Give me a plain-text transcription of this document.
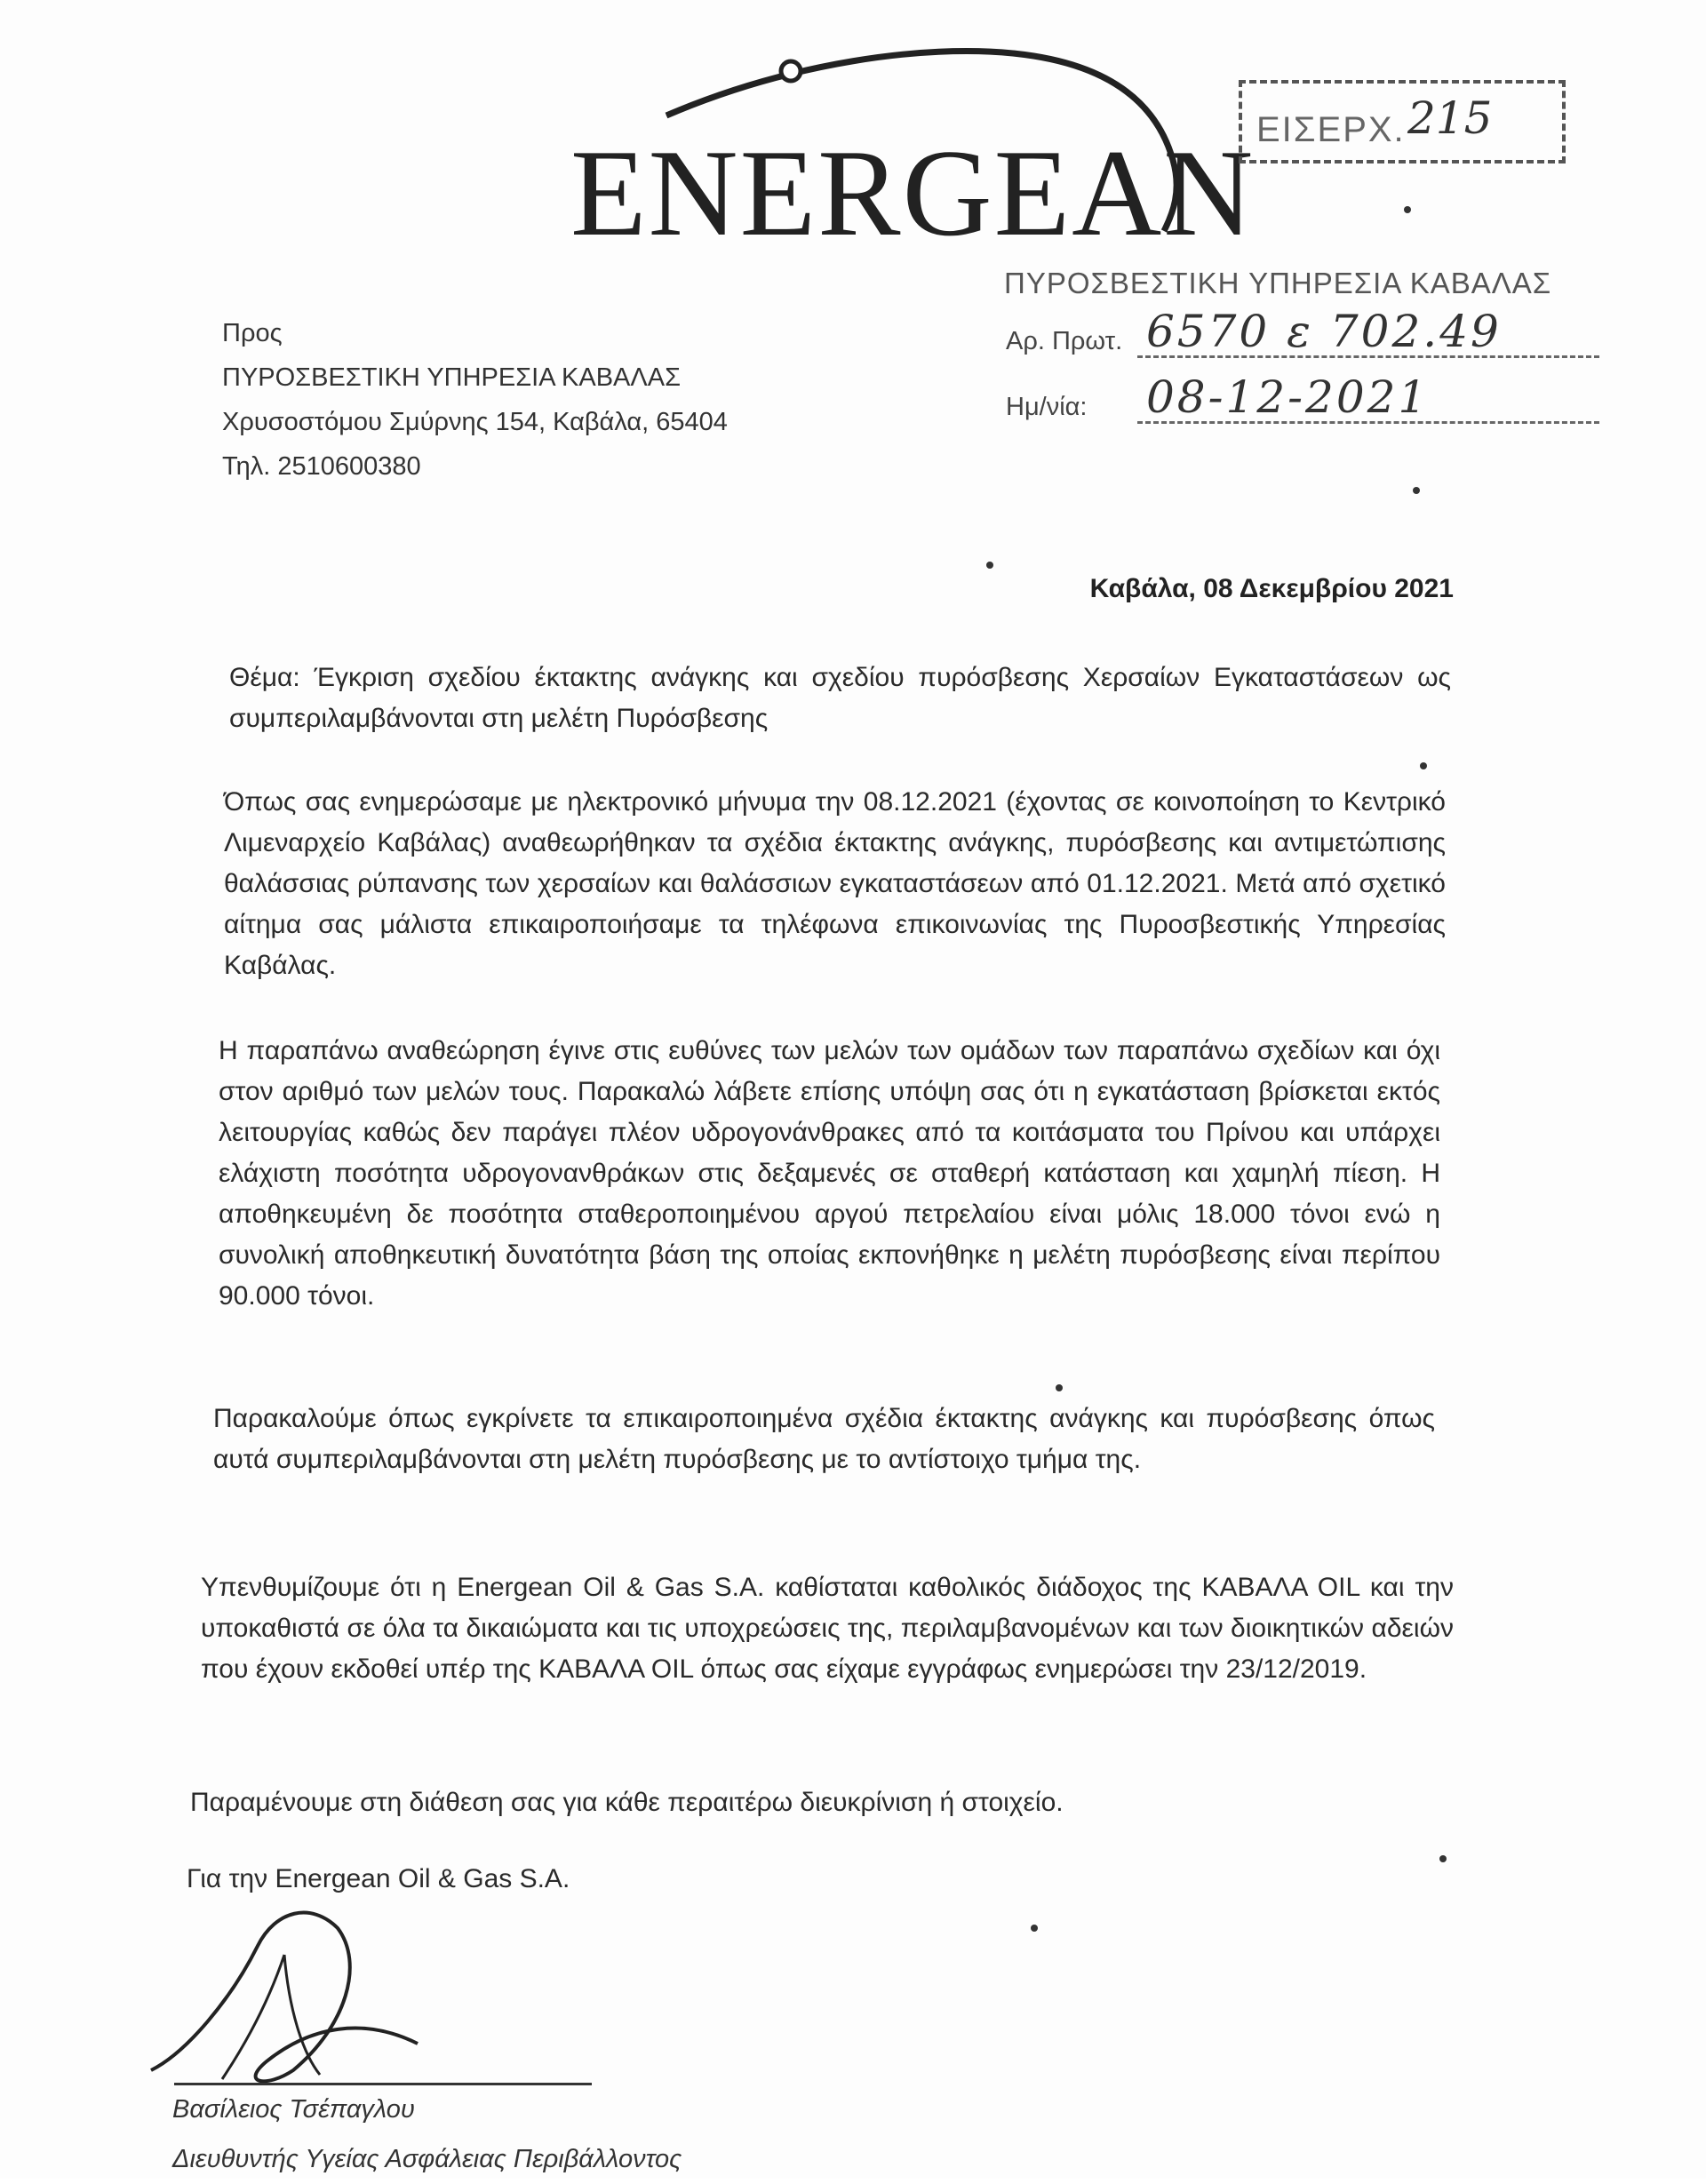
ENERGEAN ΕΙΣΕΡΧ. 215
Προς
ΠΥΡΟΣΒΕΣΤΙΚΗ ΥΠΗΡΕΣΙΑ ΚΑΒΑΛΑΣ
Χρυσοστόμου Σμύρνης 154, Καβάλα, 65404
Τηλ. 2510600380
ΠΥΡΟΣΒΕΣΤΙΚΗ ΥΠΗΡΕΣΙΑ ΚΑΒΑΛΑΣ
Αρ. Πρωτ. 6570 ε 702.49
Ημ/νία: 08-12-2021
Καβάλα, 08 Δεκεμβρίου 2021
Θέμα: Έγκριση σχεδίου έκτακτης ανάγκης και σχεδίου πυρόσβεσης Χερσαίων Εγκαταστάσεων ως συμπεριλαμβάνονται στη μελέτη Πυρόσβεσης
Όπως σας ενημερώσαμε με ηλεκτρονικό μήνυμα την 08.12.2021 (έχοντας σε κοινοποίηση το Κεντρικό Λιμεναρχείο Καβάλας) αναθεωρήθηκαν τα σχέδια έκτακτης ανάγκης, πυρόσβεσης και αντιμετώπισης θαλάσσιας ρύπανσης των χερσαίων και θαλάσσιων εγκαταστάσεων από 01.12.2021. Μετά από σχετικό αίτημα σας μάλιστα επικαιροποιήσαμε τα τηλέφωνα επικοινωνίας της Πυροσβεστικής Υπηρεσίας Καβάλας.
Η παραπάνω αναθεώρηση έγινε στις ευθύνες των μελών των ομάδων των παραπάνω σχεδίων και όχι στον αριθμό των μελών τους. Παρακαλώ λάβετε επίσης υπόψη σας ότι η εγκατάσταση βρίσκεται εκτός λειτουργίας καθώς δεν παράγει πλέον υδρογονάνθρακες από τα κοιτάσματα του Πρίνου και υπάρχει ελάχιστη ποσότητα υδρογονανθράκων στις δεξαμενές σε σταθερή κατάσταση και χαμηλή πίεση. Η αποθηκευμένη δε ποσότητα σταθεροποιημένου αργού πετρελαίου είναι μόλις 18.000 τόνοι ενώ η συνολική αποθηκευτική δυνατότητα βάση της οποίας εκπονήθηκε η μελέτη πυρόσβεσης είναι περίπου 90.000 τόνοι.
Παρακαλούμε όπως εγκρίνετε τα επικαιροποιημένα σχέδια έκτακτης ανάγκης και πυρόσβεσης όπως αυτά συμπεριλαμβάνονται στη μελέτη πυρόσβεσης με το αντίστοιχο τμήμα της.
Υπενθυμίζουμε ότι η Energean Oil & Gas S.A. καθίσταται καθολικός διάδοχος της ΚΑΒΑΛΑ ΟΙL και την υποκαθιστά σε όλα τα δικαιώματα και τις υποχρεώσεις της, περιλαμβανομένων και των διοικητικών αδειών που έχουν εκδοθεί υπέρ της ΚΑΒΑΛΑ ΟΙL όπως σας είχαμε εγγράφως ενημερώσει την 23/12/2019.
Παραμένουμε στη διάθεση σας για κάθε περαιτέρω διευκρίνιση ή στοιχείο.
Για την Energean Oil & Gas S.A.
Βασίλειος Τσέπαγλου
Διευθυντής Υγείας Ασφάλειας Περιβάλλοντος
